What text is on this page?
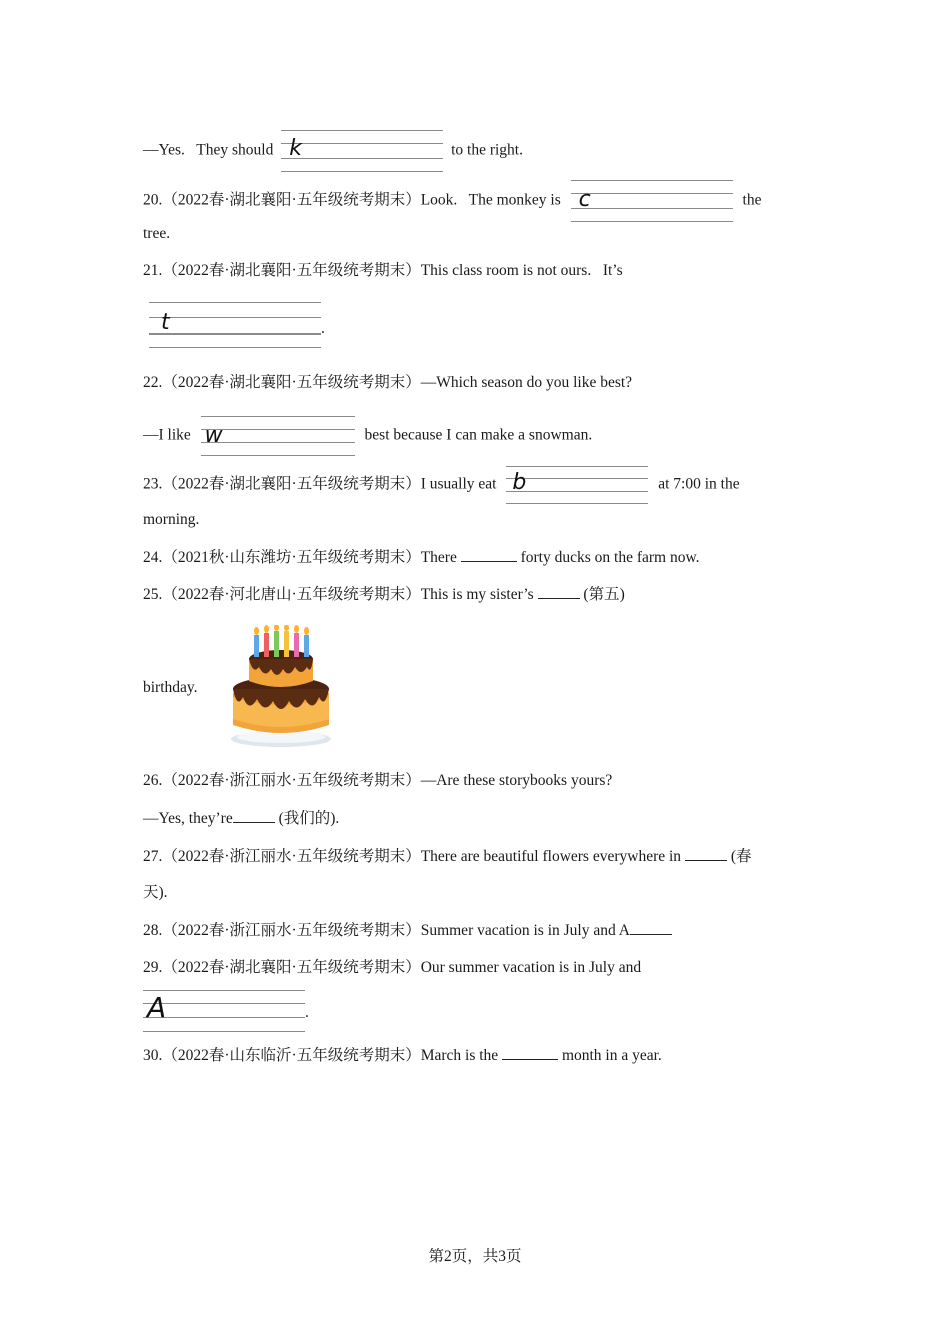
—Yes.   They should k	to the right.
20.（2022春·湖北襄阳·五年级统考期末）Look.   The monkey is c	the
tree.
21.（2022春·湖北襄阳·五年级统考期末）This class room is not ours.   It’s
t	.
22.（2022春·湖北襄阳·五年级统考期末）—Which season do you like best?
—I like w	best because I can make a snowman.
23.（2022春·湖北襄阳·五年级统考期末）I usually eat b	at 7:00 in the
morning.
24.（2021秋·山东潍坊·五年级统考期末）There	forty ducks on the farm now.
25.（2022春·河北唐山·五年级统考期末）This is my sister’s	(第五)
birthday.
26.（2022春·浙江丽水·五年级统考期末）—Are these storybooks yours?
—Yes, they’re	(我们的).
27.（2022春·浙江丽水·五年级统考期末）There are beautiful flowers everywhere in	(春
天).
28.（2022春·浙江丽水·五年级统考期末）Summer vacation is in July and A
29.（2022春·湖北襄阳·五年级统考期末）Our summer vacation is in July and
A	.
30.（2022春·山东临沂·五年级统考期末）March is the	month in a year.
第2页，共3页
